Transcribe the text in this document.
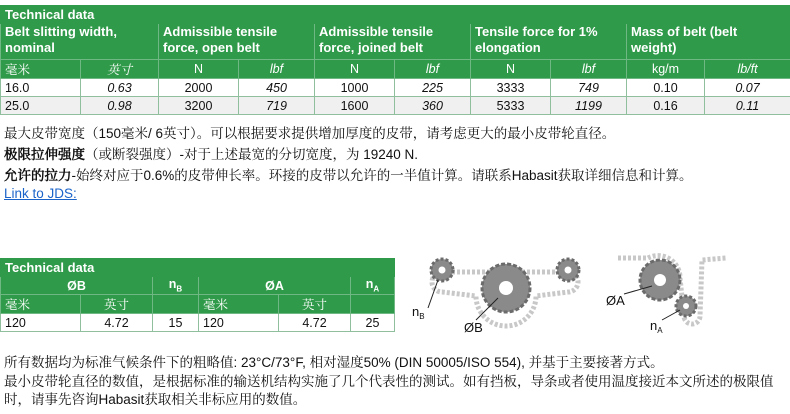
Technical data									
Belt slitting width, nominal		Admissible tensile force, open belt		Admissible tensile force, joined belt		Tensile force for 1% elongation		Mass of belt (belt weight)	
毫米	英寸	N	lbf	N	lbf	N	lbf	kg/m	lb/ft
16.0	0.63	2000	450	1000	225	3333	749	0.10	0.07
25.0	0.98	3200	719	1600	360	5333	1199	0.16	0.11
最大皮带宽度（150毫米/ 6英寸）。可以根据要求提供增加厚度的皮带，请考虑更大的最小皮带轮直径。
极限拉伸强度（或断裂强度）-对于上述最宽的分切宽度，为 19240 N.
允许的拉力-始终对应于0.6%的皮带伸长率。环接的皮带以允许的一半值计算。请联系Habasit获取详细信息和计算。
Link to JDS:
Technical data					
ØB		$n_B$	ØA		$n_A$
毫米	英寸		毫米	英寸	
120	4.72	15	120	4.72	25
$n_B$
ØB
ØA
$n_A$
所有数据均为标准气候条件下的粗略值: 23°C/73°F, 相对湿度50% (DIN 50005/ISO 554), 并基于主要接著方式。
最小皮带轮直径的数值，是根据标准的输送机结构实施了几个代表性的测试。如有挡板，导条或者使用温度接近本文所述的极限值时，请事先咨询Habasit获取相关非标应用的数值。
